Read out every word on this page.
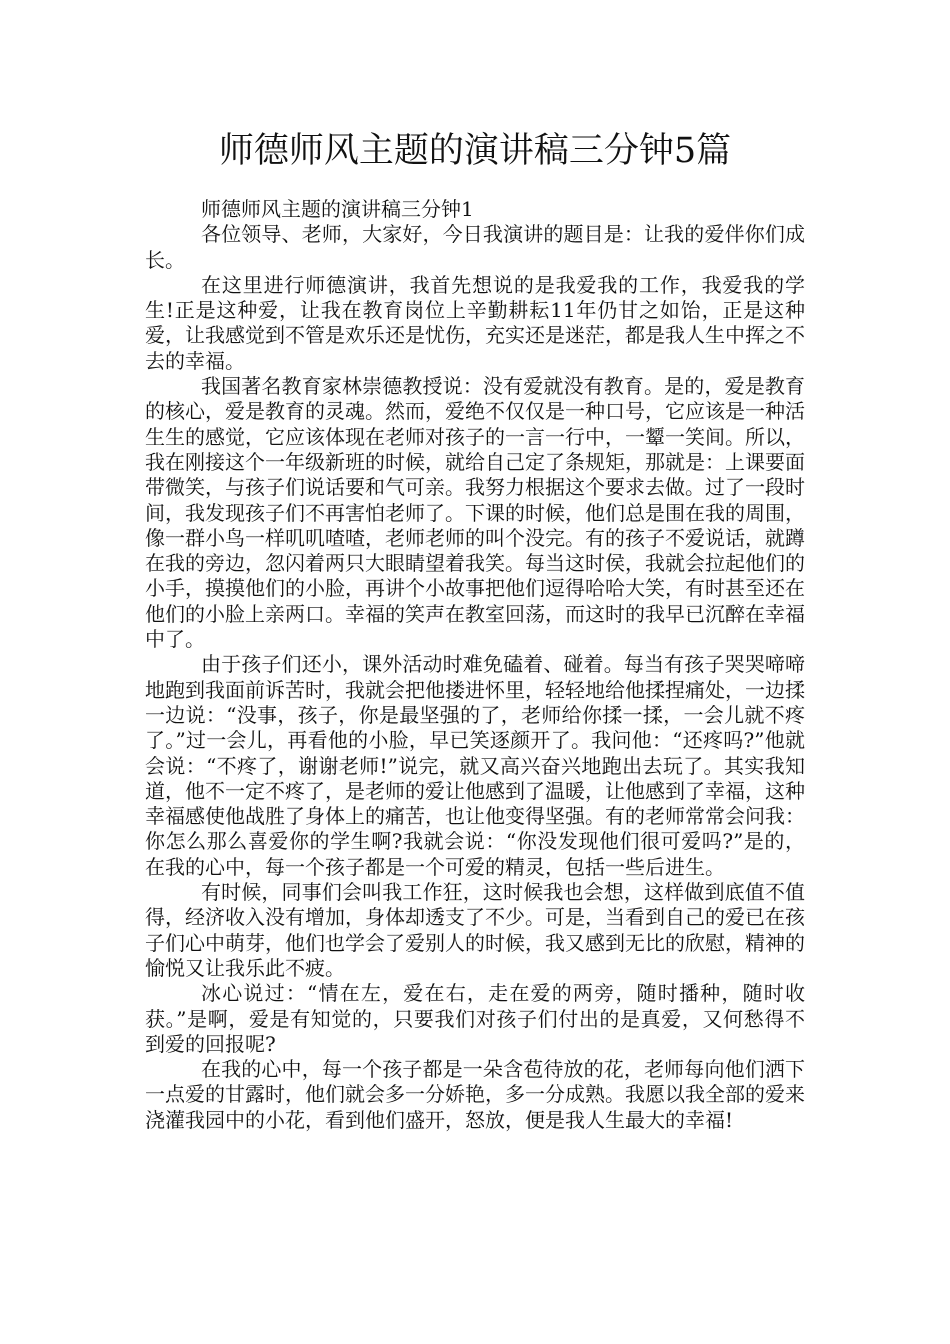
师德师风主题的演讲稿三分钟5篇

师德师风主题的演讲稿三分钟1

各位领导、老师，大家好，今日我演讲的题目是：让我的爱伴你们成长。

在这里进行师德演讲，我首先想说的是我爱我的工作，我爱我的学生!正是这种爱，让我在教育岗位上辛勤耕耘11年仍甘之如饴，正是这种爱，让我感觉到不管是欢乐还是忧伤，充实还是迷茫，都是我人生中挥之不去的幸福。

我国著名教育家林崇德教授说：没有爱就没有教育。是的，爱是教育的核心，爱是教育的灵魂。然而，爱绝不仅仅是一种口号，它应该是一种活生生的感觉，它应该体现在老师对孩子的一言一行中，一颦一笑间。所以，我在刚接这个一年级新班的时候，就给自己定了条规矩，那就是：上课要面带微笑，与孩子们说话要和气可亲。我努力根据这个要求去做。过了一段时间，我发现孩子们不再害怕老师了。下课的时候，他们总是围在我的周围，像一群小鸟一样叽叽喳喳，老师老师的叫个没完。有的孩子不爱说话，就蹲在我的旁边，忽闪着两只大眼睛望着我笑。每当这时侯，我就会拉起他们的小手，摸摸他们的小脸，再讲个小故事把他们逗得哈哈大笑，有时甚至还在他们的小脸上亲两口。幸福的笑声在教室回荡，而这时的我早已沉醉在幸福中了。

由于孩子们还小，课外活动时难免磕着、碰着。每当有孩子哭哭啼啼地跑到我面前诉苦时，我就会把他搂进怀里，轻轻地给他揉捏痛处，一边揉一边说：“没事，孩子，你是最坚强的了，老师给你揉一揉，一会儿就不疼了。”过一会儿，再看他的小脸，早已笑逐颜开了。我问他：“还疼吗?”他就会说：“不疼了，谢谢老师!”说完，就又高兴奋兴地跑出去玩了。其实我知道，他不一定不疼了，是老师的爱让他感到了温暖，让他感到了幸福，这种幸福感使他战胜了身体上的痛苦，也让他变得坚强。有的老师常常会问我：你怎么那么喜爱你的学生啊?我就会说：“你没发现他们很可爱吗?”是的，在我的心中，每一个孩子都是一个可爱的精灵，包括一些后进生。

有时候，同事们会叫我工作狂，这时候我也会想，这样做到底值不值得，经济收入没有增加，身体却透支了不少。可是，当看到自己的爱已在孩子们心中萌芽，他们也学会了爱别人的时候，我又感到无比的欣慰，精神的愉悦又让我乐此不疲。

冰心说过：“情在左，爱在右，走在爱的两旁，随时播种，随时收获。”是啊，爱是有知觉的，只要我们对孩子们付出的是真爱，又何愁得不到爱的回报呢?

在我的心中，每一个孩子都是一朵含苞待放的花，老师每向他们洒下一点爱的甘露时，他们就会多一分娇艳，多一分成熟。我愿以我全部的爱来浇灌我园中的小花，看到他们盛开，怒放，便是我人生最大的幸福!
